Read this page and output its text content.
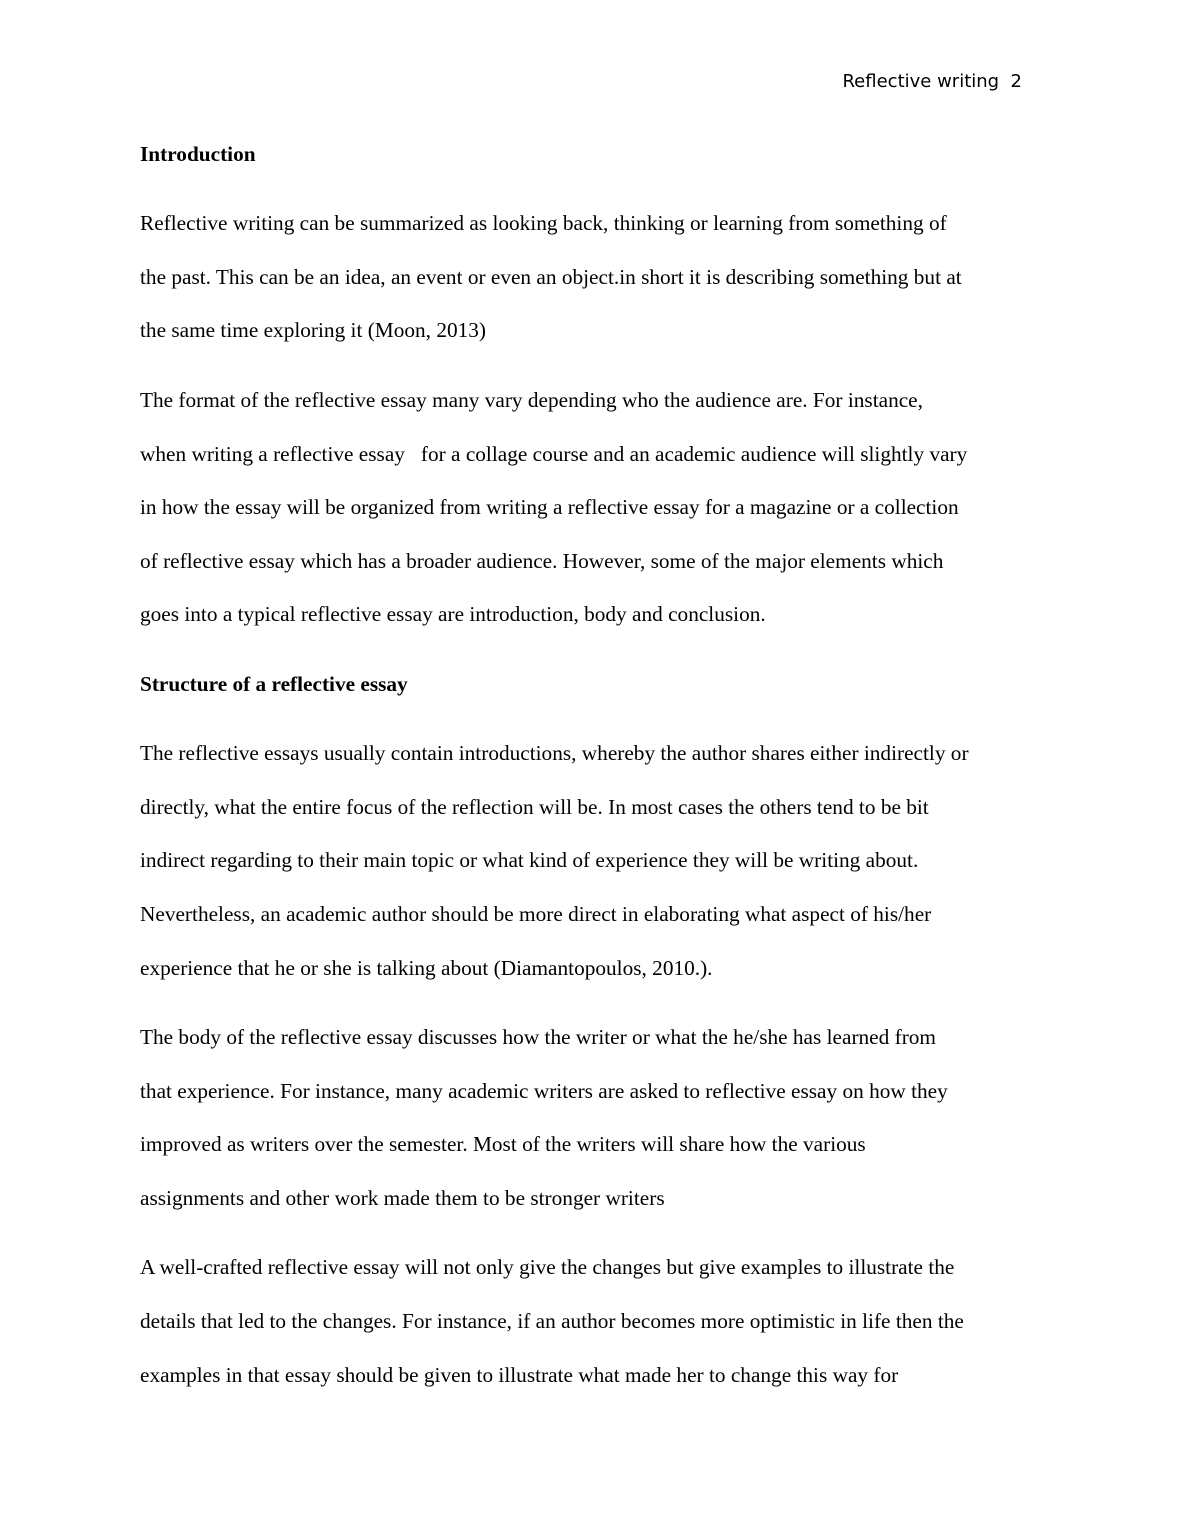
Reflective writing 2
Introduction
Reflective writing can be summarized as looking back, thinking or learning from something of
the past. This can be an idea, an event or even an object.in short it is describing something but at
the same time exploring it (Moon, 2013)
The format of the reflective essay many vary depending who the audience are. For instance,
when writing a reflective essay   for a collage course and an academic audience will slightly vary
in how the essay will be organized from writing a reflective essay for a magazine or a collection
of reflective essay which has a broader audience. However, some of the major elements which
goes into a typical reflective essay are introduction, body and conclusion.
Structure of a reflective essay
The reflective essays usually contain introductions, whereby the author shares either indirectly or
directly, what the entire focus of the reflection will be. In most cases the others tend to be bit
indirect regarding to their main topic or what kind of experience they will be writing about.
Nevertheless, an academic author should be more direct in elaborating what aspect of his/her
experience that he or she is talking about (Diamantopoulos, 2010.).
The body of the reflective essay discusses how the writer or what the he/she has learned from
that experience. For instance, many academic writers are asked to reflective essay on how they
improved as writers over the semester. Most of the writers will share how the various
assignments and other work made them to be stronger writers
A well-crafted reflective essay will not only give the changes but give examples to illustrate the
details that led to the changes. For instance, if an author becomes more optimistic in life then the
examples in that essay should be given to illustrate what made her to change this way for
